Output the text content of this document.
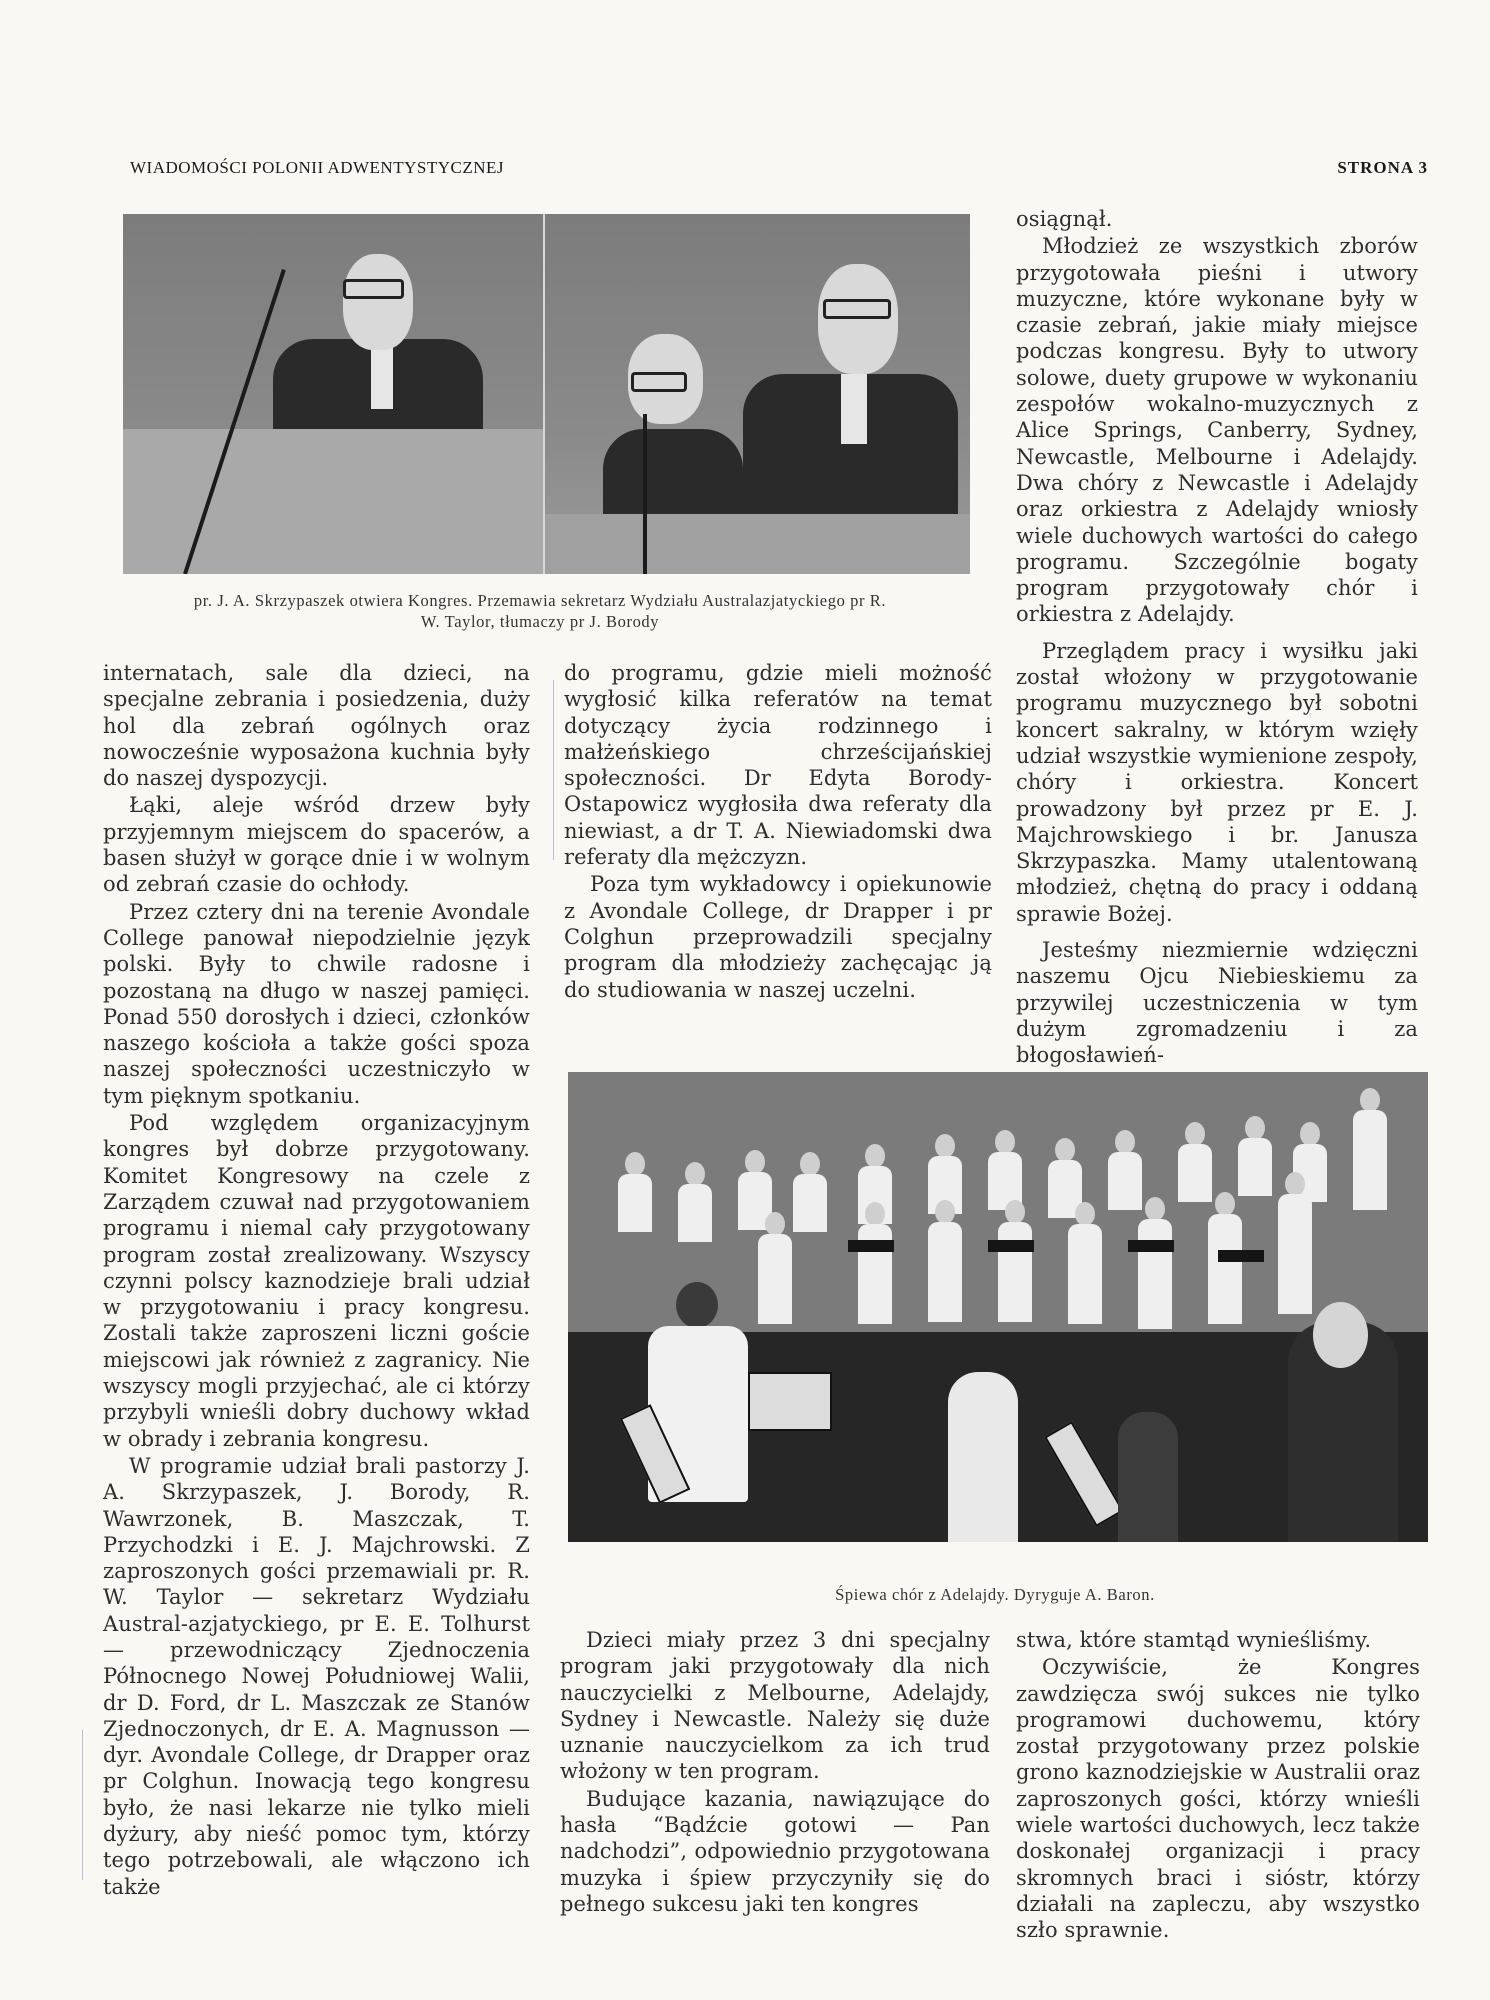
WIADOMOŚCI POLONII ADWENTYSTYCZNEJ	STRONA 3
pr. J. A. Skrzypaszek otwiera Kongres. Przemawia sekretarz Wydziału Australazjatyckiego pr R. W. Taylor, tłumaczy pr J. Borody

internatach, sale dla dzieci, na specjalne zebrania i posiedzenia, duży hol dla zebrań ogólnych oraz nowocześnie wyposażona kuchnia były do naszej dyspozycji.

Łąki, aleje wśród drzew były przyjemnym miejscem do spacerów, a basen służył w gorące dnie i w wolnym od zebrań czasie do ochłody.

Przez cztery dni na terenie Avondale College panował niepodzielnie język polski. Były to chwile radosne i pozostaną na długo w naszej pamięci. Ponad 550 dorosłych i dzieci, członków naszego kościoła a także gości spoza naszej społeczności uczestniczyło w tym pięknym spotkaniu.

Pod względem organizacyjnym kongres był dobrze przygotowany. Komitet Kongresowy na czele z Zarządem czuwał nad przygotowaniem programu i niemal cały przygotowany program został zrealizowany. Wszyscy czynni polscy kaznodzieje brali udział w przygotowaniu i pracy kongresu. Zostali także zaproszeni liczni goście miejscowi jak również z zagranicy. Nie wszyscy mogli przyjechać, ale ci którzy przybyli wnieśli dobry duchowy wkład w obrady i zebrania kongresu.

W programie udział brali pastorzy J. A. Skrzypaszek, J. Borody, R. Wawrzonek, B. Maszczak, T. Przychodzki i E. J. Majchrowski. Z zaproszonych gości przemawiali pr. R. W. Taylor — sekretarz Wydziału Austral-azjatyckiego, pr E. E. Tolhurst — przewodniczący Zjednoczenia Północnego Nowej Południowej Walii, dr D. Ford, dr L. Maszczak ze Stanów Zjednoczonych, dr E. A. Magnusson — dyr. Avondale College, dr Drapper oraz pr Colghun. Inowacją tego kongresu było, że nasi lekarze nie tylko mieli dyżury, aby nieść pomoc tym, którzy tego potrzebowali, ale włączono ich także

do programu, gdzie mieli możność wygłosić kilka referatów na temat dotyczący życia rodzinnego i małżeńskiego chrześcijańskiej społeczności. Dr Edyta Borody-Ostapowicz wygłosiła dwa referaty dla niewiast, a dr T. A. Niewiadomski dwa referaty dla mężczyzn.

Poza tym wykładowcy i opiekunowie z Avondale College, dr Drapper i pr Colghun przeprowadzili specjalny program dla młodzieży zachęcając ją do studiowania w naszej uczelni.

osiągnął.

Młodzież ze wszystkich zborów przygotowała pieśni i utwory muzyczne, które wykonane były w czasie zebrań, jakie miały miejsce podczas kongresu. Były to utwory solowe, duety grupowe w wykonaniu zespołów wokalno-muzycznych z Alice Springs, Canberry, Sydney, Newcastle, Melbourne i Adelajdy. Dwa chóry z Newcastle i Adelajdy oraz orkiestra z Adelajdy wniosły wiele duchowych wartości do całego programu. Szczególnie bogaty program przygotowały chór i orkiestra z Adelajdy.

Przeglądem pracy i wysiłku jaki został włożony w przygotowanie programu muzycznego był sobotni koncert sakralny, w którym wzięły udział wszystkie wymienione zespoły, chóry i orkiestra. Koncert prowadzony był przez pr E. J. Majchrowskiego i br. Janusza Skrzypaszka. Mamy utalentowaną młodzież, chętną do pracy i oddaną sprawie Bożej.

Jesteśmy niezmiernie wdzięczni naszemu Ojcu Niebieskiemu za przywilej uczestniczenia w tym dużym zgromadzeniu i za błogosławień-

Śpiewa chór z Adelajdy. Dyryguje A. Baron.

Dzieci miały przez 3 dni specjalny program jaki przygotowały dla nich nauczycielki z Melbourne, Adelajdy, Sydney i Newcastle. Należy się duże uznanie nauczycielkom za ich trud włożony w ten program.

Budujące kazania, nawiązujące do hasła “Bądźcie gotowi — Pan nadchodzi”, odpowiednio przygotowana muzyka i śpiew przyczyniły się do pełnego sukcesu jaki ten kongres

stwa, które stamtąd wynieśliśmy.

Oczywiście, że Kongres zawdzięcza swój sukces nie tylko programowi duchowemu, który został przygotowany przez polskie grono kaznodziejskie w Australii oraz zaproszonych gości, którzy wnieśli wiele wartości duchowych, lecz także doskonałej organizacji i pracy skromnych braci i sióstr, którzy działali na zapleczu, aby wszystko szło sprawnie.
